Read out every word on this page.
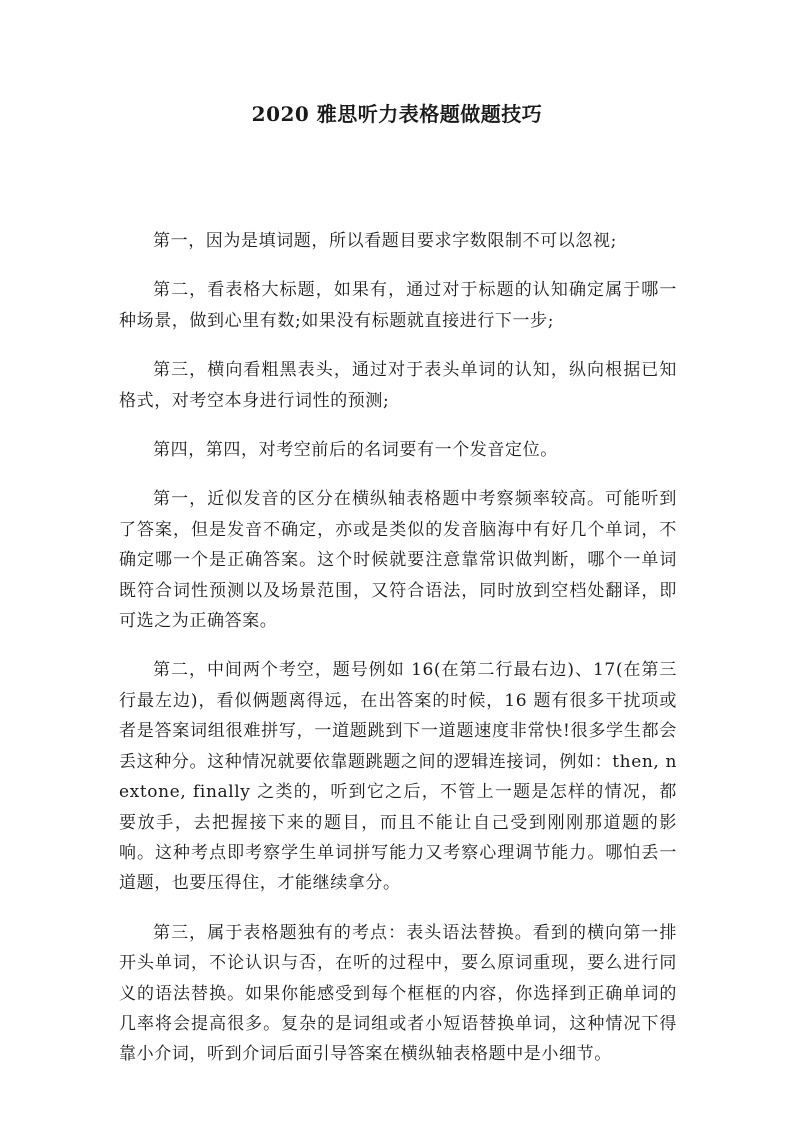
2020 雅思听力表格题做题技巧

第一，因为是填词题，所以看题目要求字数限制不可以忽视;

第二，看表格大标题，如果有，通过对于标题的认知确定属于哪一种场景，做到心里有数;如果没有标题就直接进行下一步;

第三，横向看粗黑表头，通过对于表头单词的认知，纵向根据已知格式，对考空本身进行词性的预测;

第四，第四，对考空前后的名词要有一个发音定位。

第一，近似发音的区分在横纵轴表格题中考察频率较高。可能听到了答案，但是发音不确定，亦或是类似的发音脑海中有好几个单词，不确定哪一个是正确答案。这个时候就要注意靠常识做判断，哪个一单词既符合词性预测以及场景范围，又符合语法，同时放到空档处翻译，即可选之为正确答案。

第二，中间两个考空，题号例如 16(在第二行最右边)、17(在第三行最左边)，看似俩题离得远，在出答案的时候，16 题有很多干扰项或者是答案词组很难拼写，一道题跳到下一道题速度非常快!很多学生都会丢这种分。这种情况就要依靠题跳题之间的逻辑连接词，例如：then, nextone, finally 之类的，听到它之后，不管上一题是怎样的情况，都要放手，去把握接下来的题目，而且不能让自己受到刚刚那道题的影响。这种考点即考察学生单词拼写能力又考察心理调节能力。哪怕丢一道题，也要压得住，才能继续拿分。

第三，属于表格题独有的考点：表头语法替换。看到的横向第一排开头单词，不论认识与否，在听的过程中，要么原词重现，要么进行同义的语法替换。如果你能感受到每个框框的内容，你选择到正确单词的几率将会提高很多。复杂的是词组或者小短语替换单词，这种情况下得靠小介词，听到介词后面引导答案在横纵轴表格题中是小细节。
